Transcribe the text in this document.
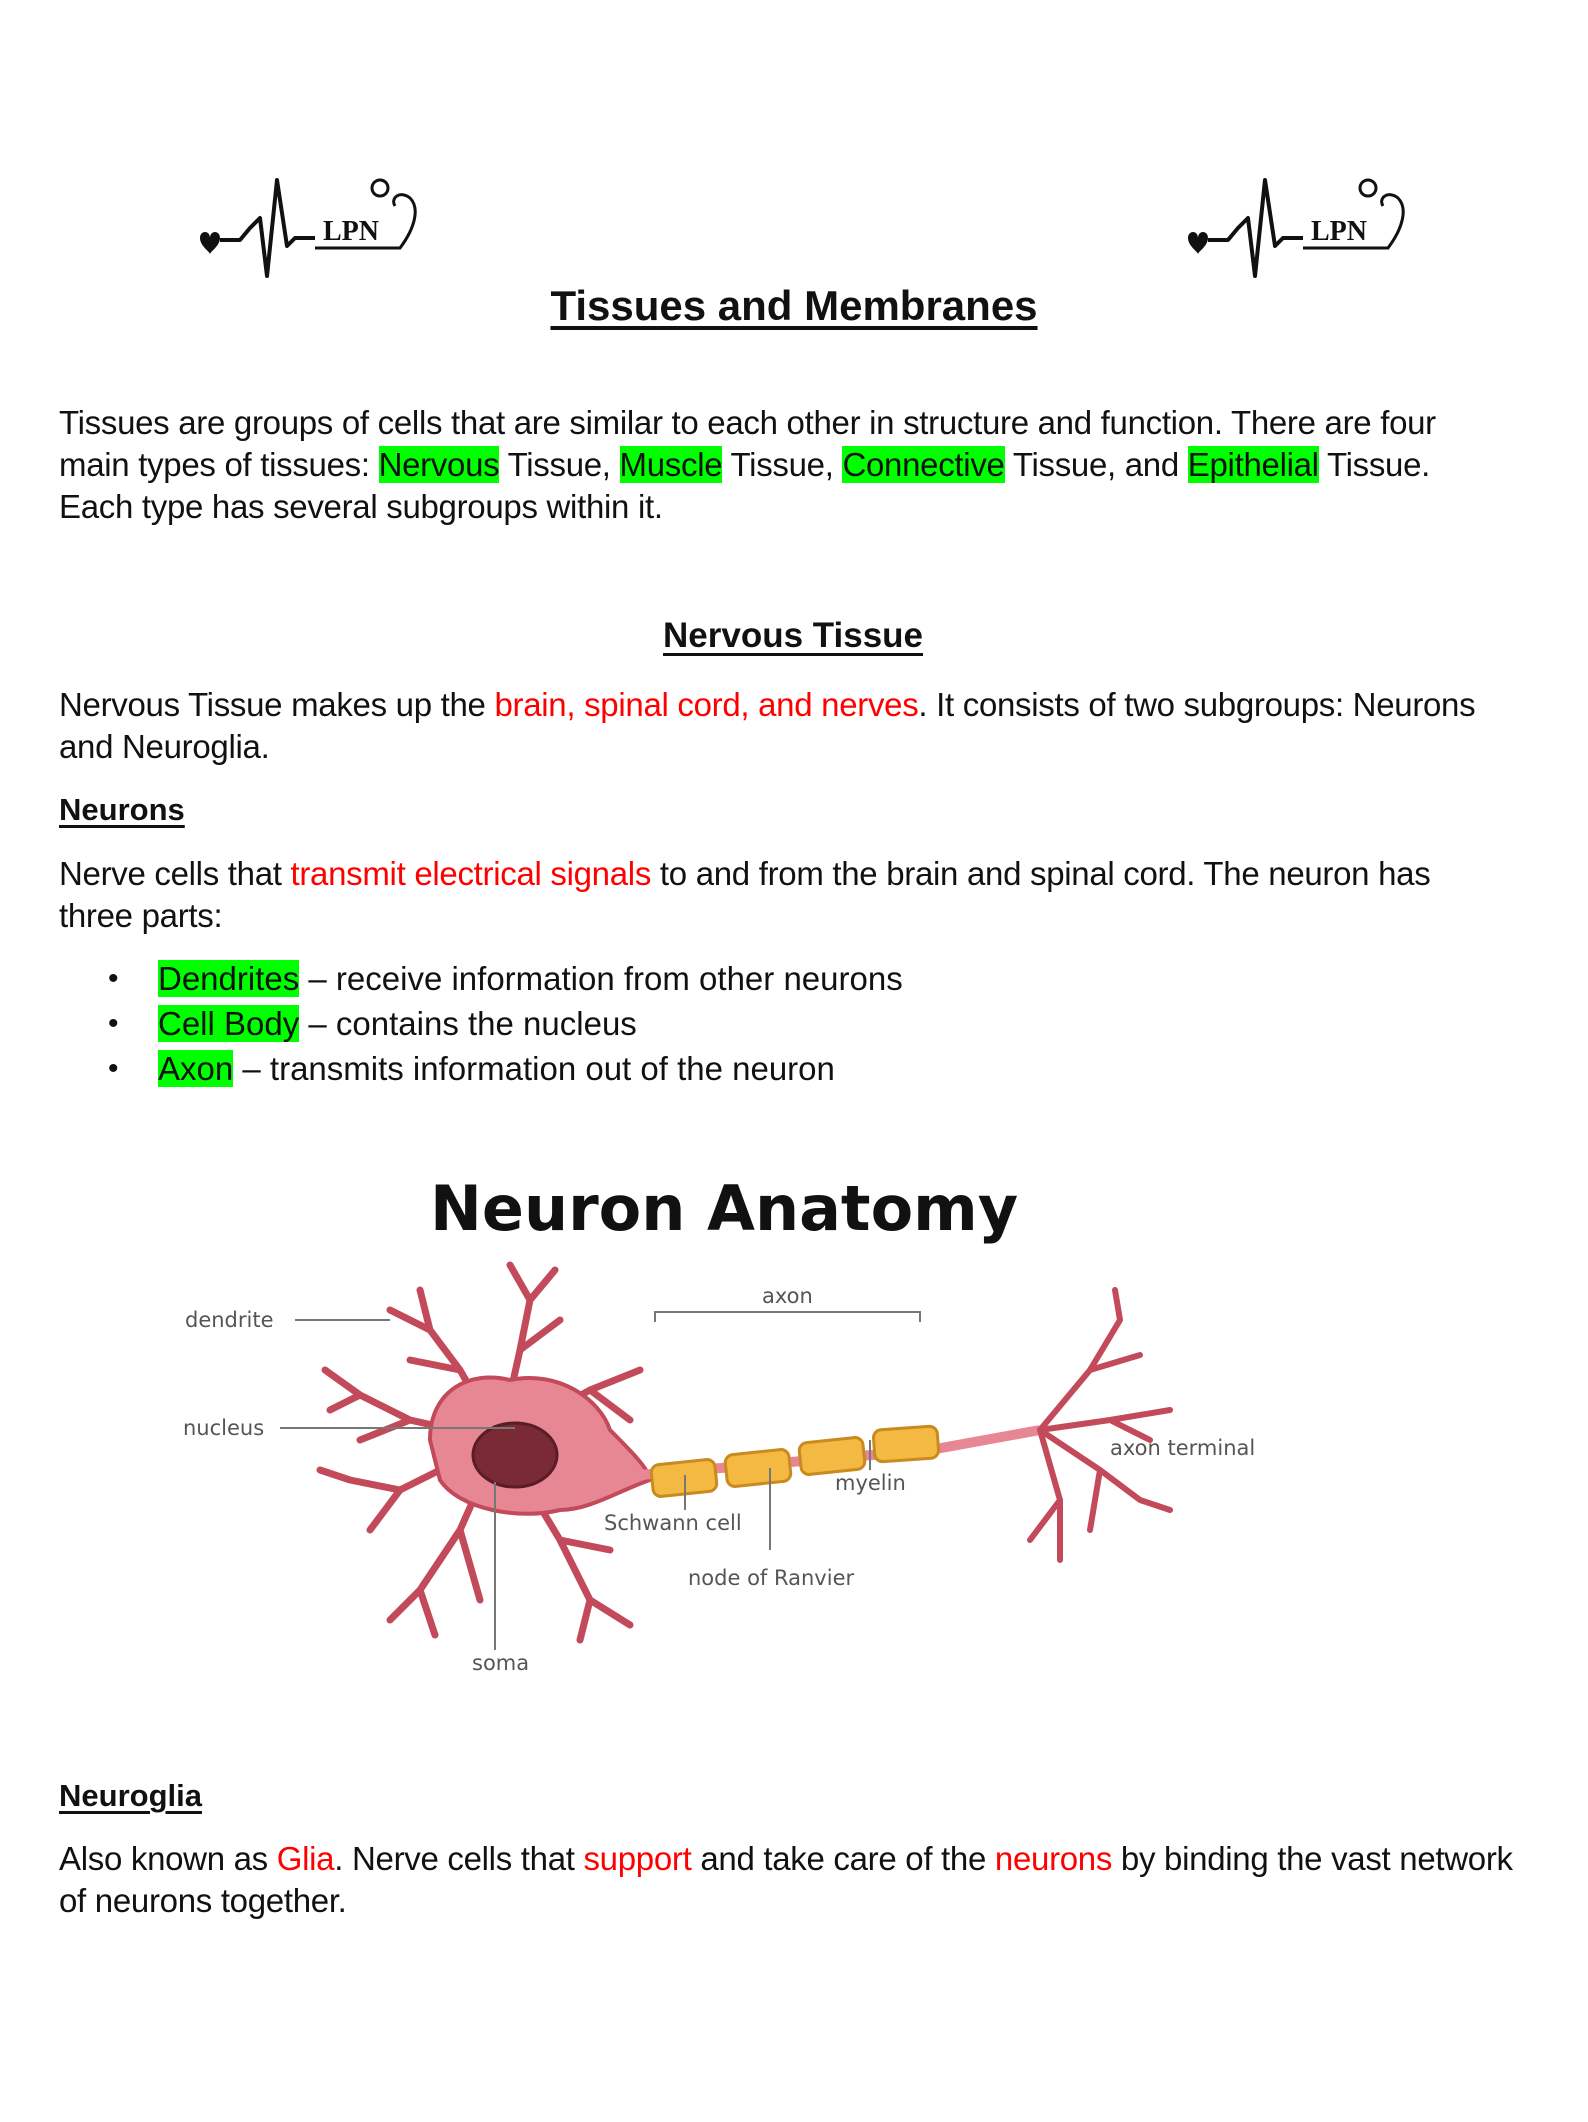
LPN	LPN
Tissues and Membranes
Tissues are groups of cells that are similar to each other in structure and function. There are four
main types of tissues: Nervous Tissue, Muscle Tissue, Connective Tissue, and Epithelial Tissue.
Each type has several subgroups within it.
Nervous Tissue
Nervous Tissue makes up the brain, spinal cord, and nerves. It consists of two subgroups: Neurons
and Neuroglia.
Neurons
Nerve cells that transmit electrical signals to and from the brain and spinal cord. The neuron has
three parts:
• Dendrites – receive information from other neurons
• Cell Body – contains the nucleus
• Axon – transmits information out of the neuron
Neuron Anatomy
dendrite
nucleus
axon
myelin
axon terminal
Schwann cell
node of Ranvier
soma
Neuroglia
Also known as Glia. Nerve cells that support and take care of the neurons by binding the vast network
of neurons together.
